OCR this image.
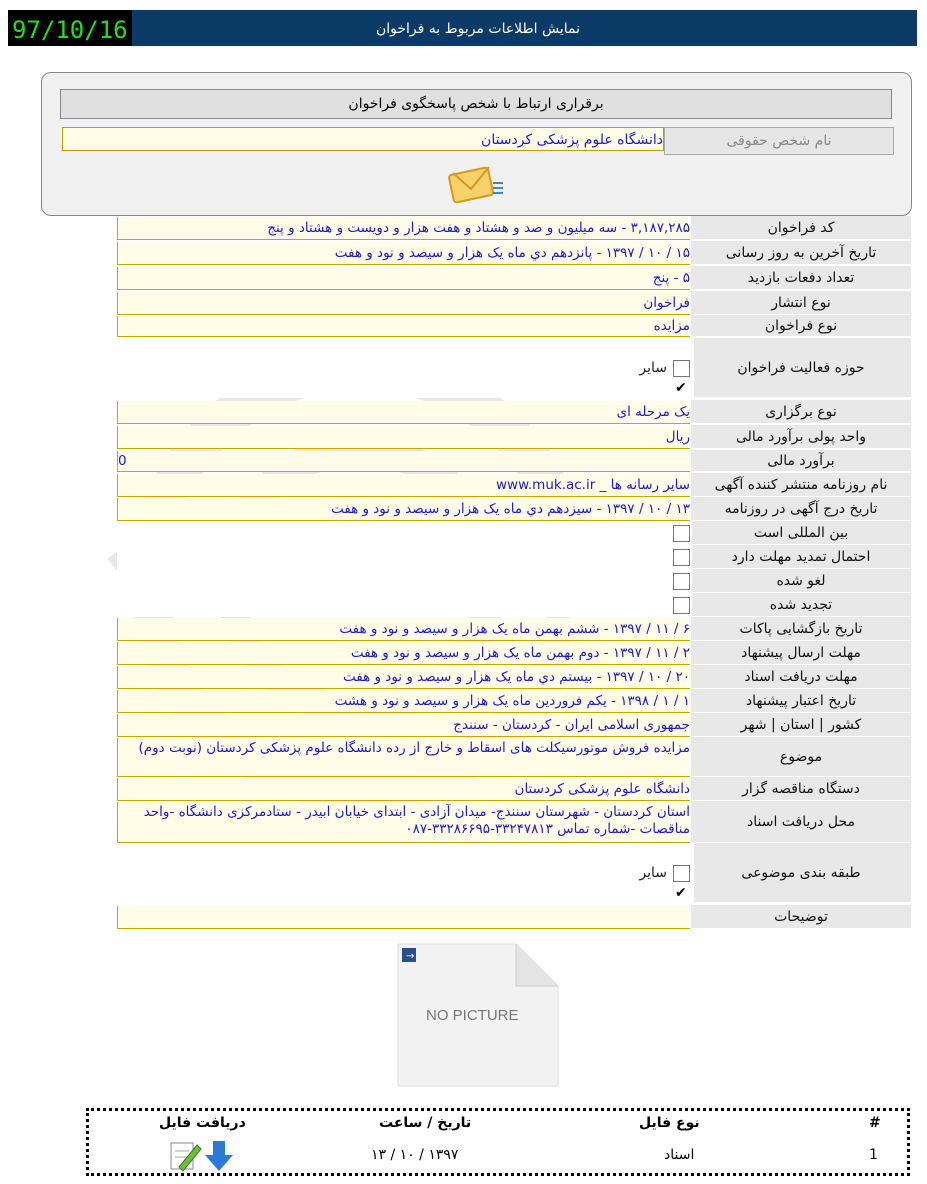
97/10/16	نمایش اطلاعات مربوط به فراخوان
برقراری ارتباط با شخص پاسخگوی فراخوان
نام شخص حقوقی
دانشگاه علوم پزشکی کردستان
کد فراخوان
۳,۱۸۷,۲۸۵ - سه میلیون و صد و هشتاد و هفت هزار و دویست و هشتاد و پنج
تاریخ آخرین به روز رسانی
۱۵ / ۱۰ / ۱۳۹۷ - پانزدهم دي ماه یک هزار و سیصد و نود و هفت
تعداد دفعات بازدید
۵ - پنج
نوع انتشار
فراخوان
نوع فراخوان
مزایده
حوزه فعالیت فراخوان
✔سایر
نوع برگزاری
یک مرحله ای
واحد پولی برآورد مالی
ریال
برآورد مالی
0
نام روزنامه منتشر کننده آگهی
سایر رسانه ها _ www.muk.ac.ir
تاریخ درج آگهی در روزنامه
۱۳ / ۱۰ / ۱۳۹۷ - سیزدهم دي ماه یک هزار و سیصد و نود و هفت
بین المللی است
احتمال تمدید مهلت دارد
لغو شده
تجدید شده
تاریخ بازگشایی پاکات
۶ / ۱۱ / ۱۳۹۷ - ششم بهمن ماه یک هزار و سیصد و نود و هفت
مهلت ارسال پیشنهاد
۲ / ۱۱ / ۱۳۹۷ - دوم بهمن ماه یک هزار و سیصد و نود و هفت
مهلت دریافت اسناد
۲۰ / ۱۰ / ۱۳۹۷ - بیستم دي ماه یک هزار و سیصد و نود و هفت
تاریخ اعتبار پیشنهاد
۱ / ۱ / ۱۳۹۸ - یکم فروردین ماه یک هزار و سیصد و نود و هشت
کشور | استان | شهر
جمهوری اسلامی ایران - کردستان - سنندج
موضوع
مزایده فروش موتورسیکلت های اسقاط و خارج از رده دانشگاه علوم پزشکی کردستان (نوبت دوم)
دستگاه مناقصه گزار
دانشگاه علوم پزشکی کردستان
محل دریافت اسناد
استان کردستان - شهرستان سنندج- میدان آزادی - ابتدای خیابان ابیدر - ستادمرکزی دانشگاه -واحد مناقصات -شماره تماس ۳۳۲۴۷۸۱۳-۳۳۲۸۶۶۹۵-۰۸۷
طبقه بندی موضوعی
✔سایر
توضیحات
→
NO PICTURE
#
نوع فایل
تاریخ / ساعت
دریافت فایل
1
اسناد
۱۳ / ۱۰ / ۱۳۹۷
